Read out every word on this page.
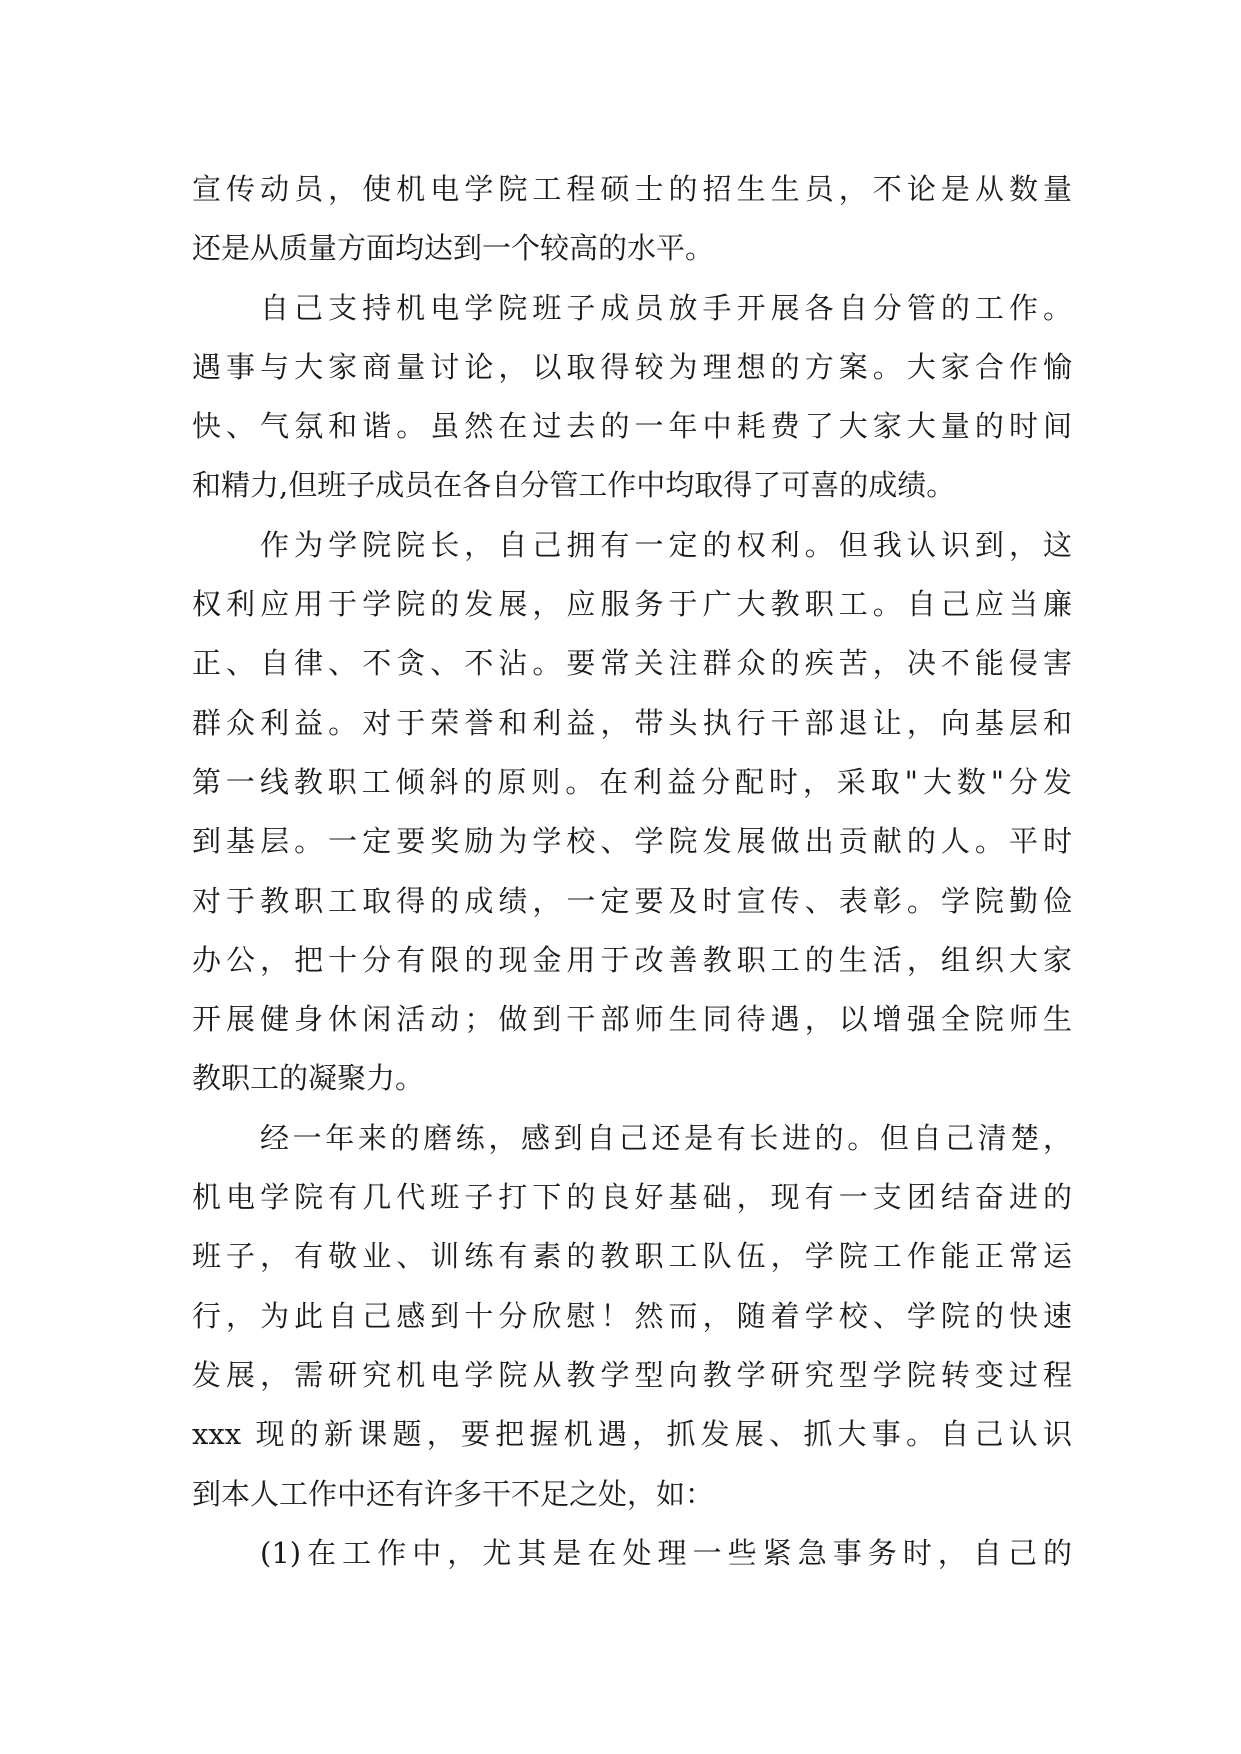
宣传动员，使机电学院工程硕士的招生生员，不论是从数量
还是从质量方面均达到一个较高的水平。
自己支持机电学院班子成员放手开展各自分管的工作。
遇事与大家商量讨论，以取得较为理想的方案。大家合作愉
快、气氛和谐。虽然在过去的一年中耗费了大家大量的时间
和精力,但班子成员在各自分管工作中均取得了可喜的成绩。
作为学院院长，自己拥有一定的权利。但我认识到，这
权利应用于学院的发展，应服务于广大教职工。自己应当廉
正、自律、不贪、不沾。要常关注群众的疾苦，决不能侵害
群众利益。对于荣誉和利益，带头执行干部退让，向基层和
第一线教职工倾斜的原则。在利益分配时，采取"大数"分发
到基层。一定要奖励为学校、学院发展做出贡献的人。平时
对于教职工取得的成绩，一定要及时宣传、表彰。学院勤俭
办公，把十分有限的现金用于改善教职工的生活，组织大家
开展健身休闲活动；做到干部师生同待遇，以增强全院师生
教职工的凝聚力。
经一年来的磨练，感到自己还是有长进的。但自己清楚，
机电学院有几代班子打下的良好基础，现有一支团结奋进的
班子，有敬业、训练有素的教职工队伍，学院工作能正常运
行，为此自己感到十分欣慰！然而，随着学校、学院的快速
发展，需研究机电学院从教学型向教学研究型学院转变过程
xxx 现的新课题，要把握机遇，抓发展、抓大事。自己认识
到本人工作中还有许多干不足之处，如：
(1)在工作中，尤其是在处理一些紧急事务时，自己的
